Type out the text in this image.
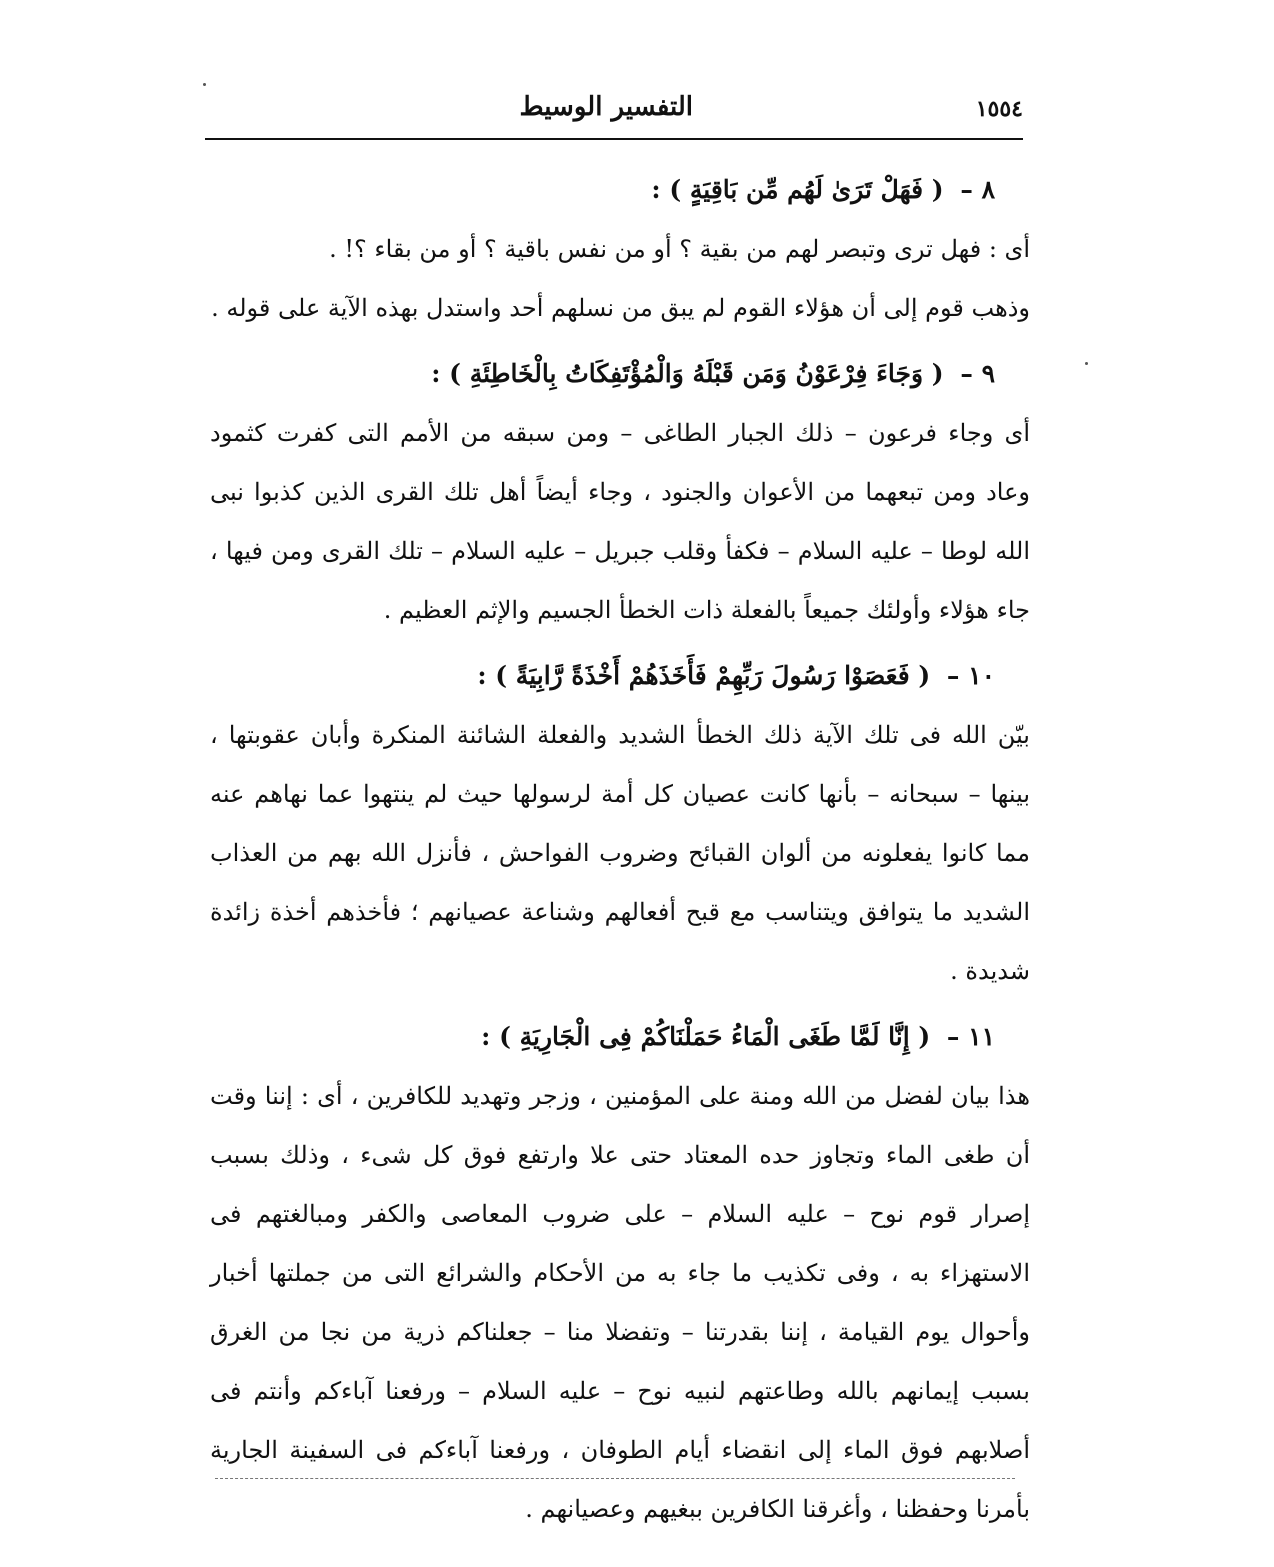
١٥٥٤
التفسير الوسيط
٨ – ( فَهَلْ تَرَىٰ لَهُم مِّن بَاقِيَةٍ ) :

أى : فهل ترى وتبصر لهم من بقية ؟ أو من نفس باقية ؟ أو من بقاء ؟! .

وذهب قوم إلى أن هؤلاء القوم لم يبق من نسلهم أحد واستدل بهذه الآية على قوله .

٩ – ( وَجَاءَ فِرْعَوْنُ وَمَن قَبْلَهُ وَالْمُؤْتَفِكَاتُ بِالْخَاطِئَةِ ) :

أى وجاء فرعون – ذلك الجبار الطاغى – ومن سبقه من الأمم التى كفرت كثمود وعاد ومن تبعهما من الأعوان والجنود ، وجاء أيضاً أهل تلك القرى الذين كذبوا نبى الله لوطا – عليه السلام – فكفأ وقلب جبريل – عليه السلام – تلك القرى ومن فيها ، جاء هؤلاء وأولئك جميعاً بالفعلة ذات الخطأ الجسيم والإثم العظيم .

١٠ – ( فَعَصَوْا رَسُولَ رَبِّهِمْ فَأَخَذَهُمْ أَخْذَةً رَّابِيَةً ) :

بيّن الله فى تلك الآية ذلك الخطأ الشديد والفعلة الشائنة المنكرة وأبان عقوبتها ، بينها – سبحانه – بأنها كانت عصيان كل أمة لرسولها حيث لم ينتهوا عما نهاهم عنه مما كانوا يفعلونه من ألوان القبائح وضروب الفواحش ، فأنزل الله بهم من العذاب الشديد ما يتوافق ويتناسب مع قبح أفعالهم وشناعة عصيانهم ؛ فأخذهم أخذة زائدة شديدة .

١١ – ( إِنَّا لَمَّا طَغَى الْمَاءُ حَمَلْنَاكُمْ فِى الْجَارِيَةِ ) :

هذا بيان لفضل من الله ومنة على المؤمنين ، وزجر وتهديد للكافرين ، أى : إننا وقت أن طغى الماء وتجاوز حده المعتاد حتى علا وارتفع فوق كل شىء ، وذلك بسبب إصرار قوم نوح – عليه السلام – على ضروب المعاصى والكفر ومبالغتهم فى الاستهزاء به ، وفى تكذيب ما جاء به من الأحكام والشرائع التى من جملتها أخبار وأحوال يوم القيامة ، إننا بقدرتنا – وتفضلا منا – جعلناكم ذرية من نجا من الغرق بسبب إيمانهم بالله وطاعتهم لنبيه نوح – عليه السلام – ورفعنا آباءكم وأنتم فى أصلابهم فوق الماء إلى انقضاء أيام الطوفان ، ورفعنا آباءكم فى السفينة الجارية بأمرنا وحفظنا ، وأغرقنا الكافرين ببغيهم وعصيانهم .
